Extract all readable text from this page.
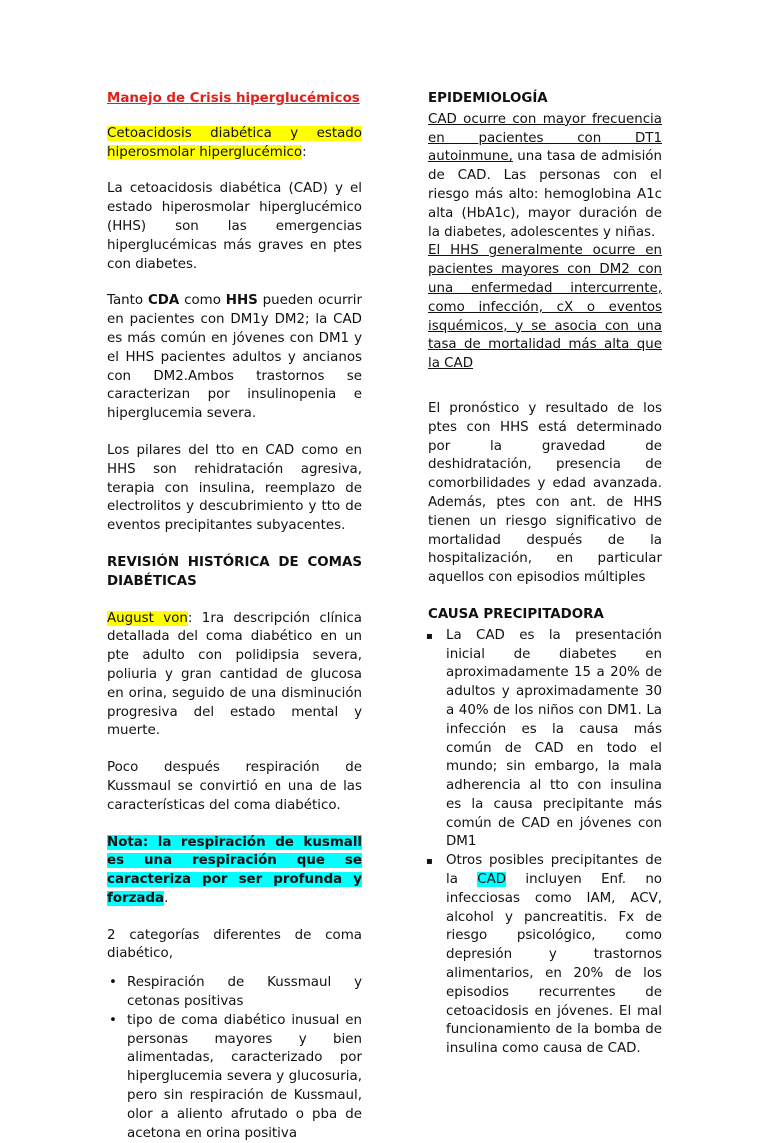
Manejo de Crisis hiperglucémicos

Cetoacidosis diabética y estado hiperosmolar hiperglucémico:

La cetoacidosis diabética (CAD) y el estado hiperosmolar hiperglucémico (HHS) son las emergencias hiperglucémicas más graves en ptes con diabetes.

Tanto CDA como HHS pueden ocurrir en pacientes con DM1y DM2; la CAD es más común en jóvenes con DM1 y el HHS pacientes adultos y ancianos con DM2.Ambos trastornos se caracterizan por insulinopenia e hiperglucemia severa.

Los pilares del tto en CAD como en HHS son rehidratación agresiva, terapia con insulina, reemplazo de electrolitos y descubrimiento y tto de eventos precipitantes subyacentes.

REVISIÓN HISTÓRICA DE COMAS DIABÉTICAS

August von: 1ra descripción clínica detallada del coma diabético en un pte adulto con polidipsia severa, poliuria y gran cantidad de glucosa en orina, seguido de una disminución progresiva del estado mental y muerte.

Poco después respiración de Kussmaul se convirtió en una de las características del coma diabético.

Nota: la respiración de kusmall es una respiración que se caracteriza por ser profunda y forzada.

2 categorías diferentes de coma diabético,

• Respiración de Kussmaul y cetonas positivas
• tipo de coma diabético inusual en personas mayores y bien alimentadas, caracterizado por hiperglucemia severa y glucosuria, pero sin respiración de Kussmaul, olor a aliento afrutado o pba de acetona en orina positiva

EPIDEMIOLOGÍA

CAD ocurre con mayor frecuencia en pacientes con DT1 autoinmune, una tasa de admisión de CAD. Las personas con el riesgo más alto: hemoglobina A1c alta (HbA1c), mayor duración de la diabetes, adolescentes y niñas.

El HHS generalmente ocurre en pacientes mayores con DM2 con una enfermedad intercurrente, como infección, cX o eventos isquémicos, y se asocia con una tasa de mortalidad más alta que la CAD

El pronóstico y resultado de los ptes con HHS está determinado por la gravedad de deshidratación, presencia de comorbilidades y edad avanzada. Además, ptes con ant. de HHS tienen un riesgo significativo de mortalidad después de la hospitalización, en particular aquellos con episodios múltiples

CAUSA PRECIPITADORA

▪ La CAD es la presentación inicial de diabetes en aproximadamente 15 a 20% de adultos y aproximadamente 30 a 40% de los niños con DM1. La infección es la causa más común de CAD en todo el mundo; sin embargo, la mala adherencia al tto con insulina es la causa precipitante más común de CAD en jóvenes con DM1
▪ Otros posibles precipitantes de la CAD incluyen Enf. no infecciosas como IAM, ACV, alcohol y pancreatitis. Fx de riesgo psicológico, como depresión y trastornos alimentarios, en 20% de los episodios recurrentes de cetoacidosis en jóvenes. El mal funcionamiento de la bomba de insulina como causa de CAD.
